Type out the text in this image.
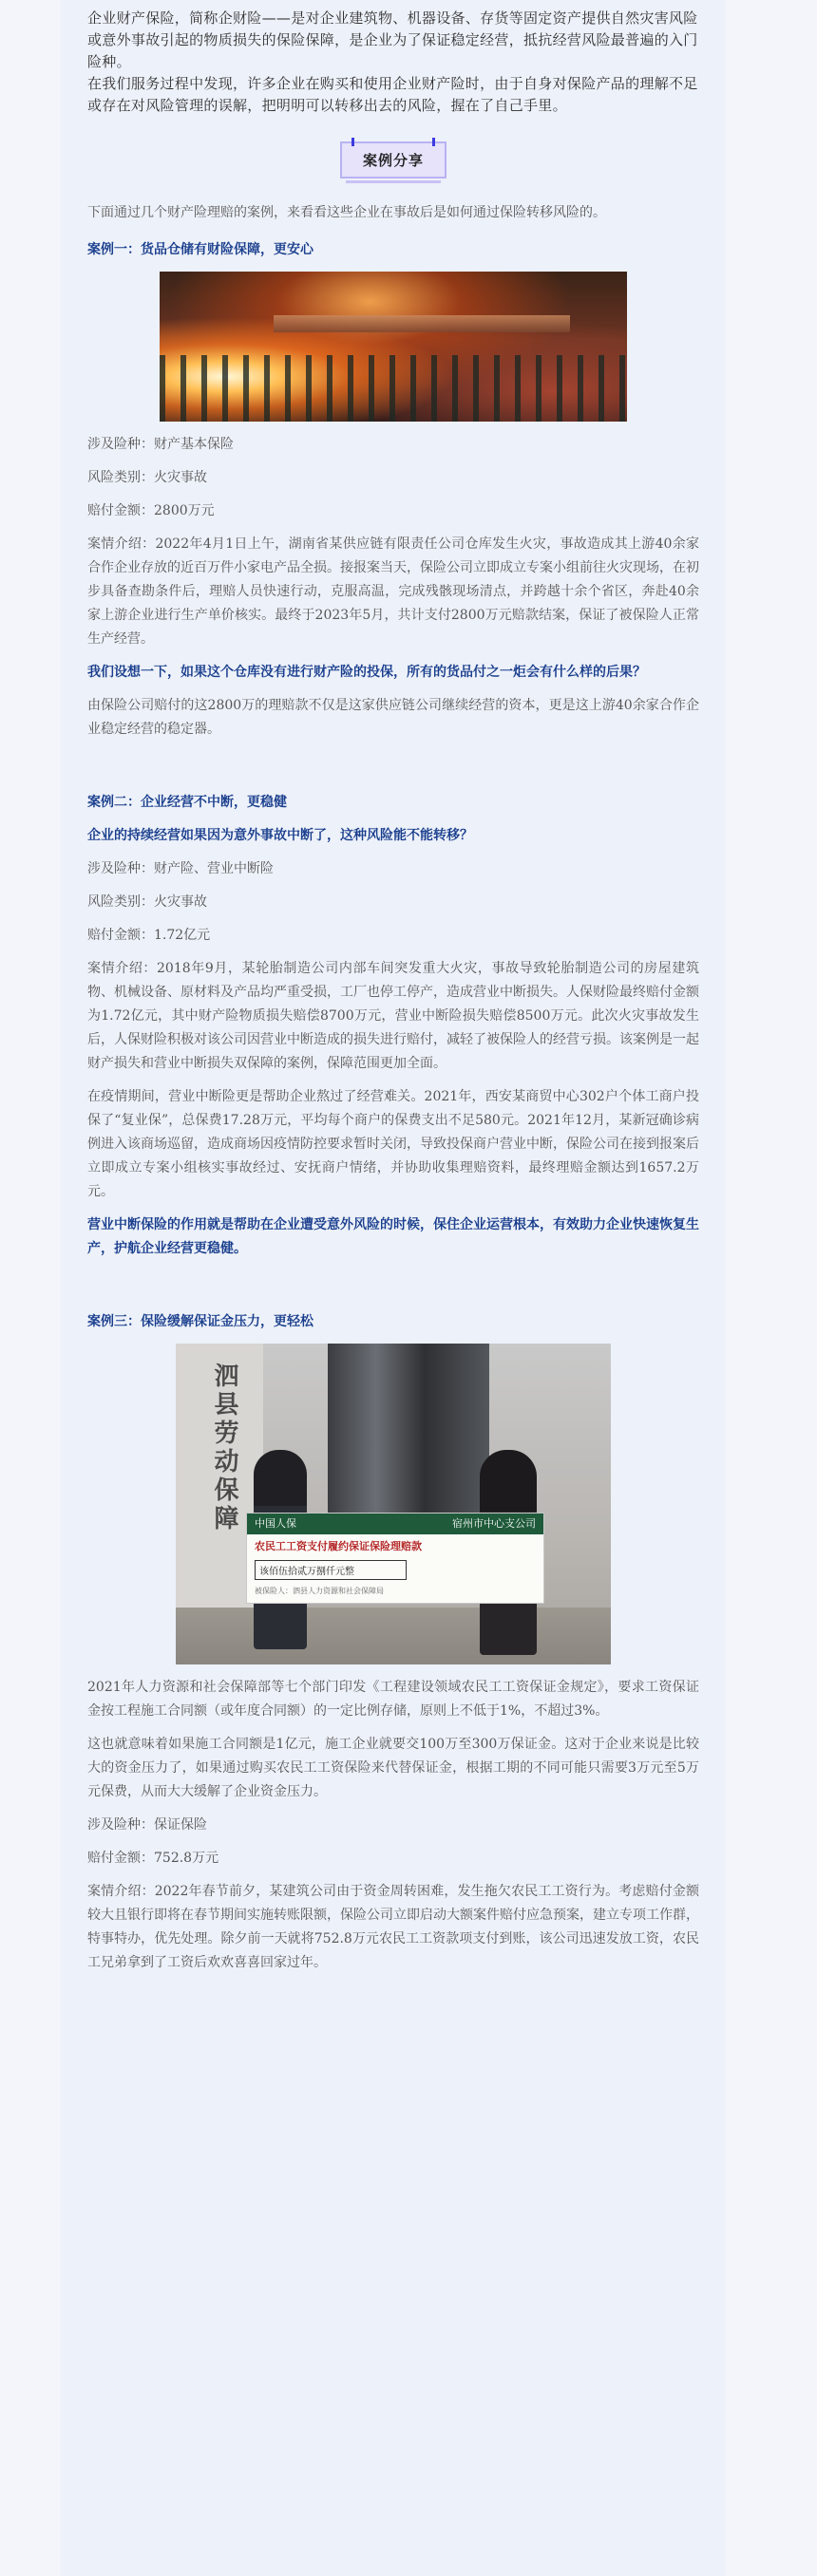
企业财产保险，简称企财险——是对企业建筑物、机器设备、存货等固定资产提供自然灾害风险或意外事故引起的物质损失的保险保障，是企业为了保证稳定经营，抵抗经营风险最普遍的入门险种。

在我们服务过程中发现，许多企业在购买和使用企业财产险时，由于自身对保险产品的理解不足或存在对风险管理的误解，把明明可以转移出去的风险，握在了自己手里。

案例分享

下面通过几个财产险理赔的案例，来看看这些企业在事故后是如何通过保险转移风险的。

案例一：货品仓储有财险保障，更安心

涉及险种：财产基本保险

风险类别：火灾事故

赔付金额：2800万元

案情介绍：2022年4月1日上午，湖南省某供应链有限责任公司仓库发生火灾，事故造成其上游40余家合作企业存放的近百万件小家电产品全损。接报案当天，保险公司立即成立专案小组前往火灾现场，在初步具备查勘条件后，理赔人员快速行动，克服高温，完成残骸现场清点，并跨越十余个省区，奔赴40余家上游企业进行生产单价核实。最终于2023年5月，共计支付2800万元赔款结案，保证了被保险人正常生产经营。

我们设想一下，如果这个仓库没有进行财产险的投保，所有的货品付之一炬会有什么样的后果？

由保险公司赔付的这2800万的理赔款不仅是这家供应链公司继续经营的资本，更是这上游40余家合作企业稳定经营的稳定器。

案例二：企业经营不中断，更稳健

企业的持续经营如果因为意外事故中断了，这种风险能不能转移？

涉及险种：财产险、营业中断险

风险类别：火灾事故

赔付金额：1.72亿元

案情介绍：2018年9月，某轮胎制造公司内部车间突发重大火灾，事故导致轮胎制造公司的房屋建筑物、机械设备、原材料及产品均严重受损，工厂也停工停产，造成营业中断损失。人保财险最终赔付金额为1.72亿元，其中财产险物质损失赔偿8700万元，营业中断险损失赔偿8500万元。此次火灾事故发生后，人保财险积极对该公司因营业中断造成的损失进行赔付，减轻了被保险人的经营亏损。该案例是一起财产损失和营业中断损失双保障的案例，保障范围更加全面。

在疫情期间，营业中断险更是帮助企业熬过了经营难关。2021年，西安某商贸中心302户个体工商户投保了“复业保”，总保费17.28万元，平均每个商户的保费支出不足580元。2021年12月，某新冠确诊病例进入该商场巡留，造成商场因疫情防控要求暂时关闭，导致投保商户营业中断，保险公司在接到报案后立即成立专案小组核实事故经过、安抚商户情绪，并协助收集理赔资料，最终理赔金额达到1657.2万元。

营业中断保险的作用就是帮助在企业遭受意外风险的时候，保住企业运营根本，有效助力企业快速恢复生产，护航企业经营更稳健。

案例三：保险缓解保证金压力，更轻松

泗县劳动保障	中国人保	宿州市中心支公司
农民工工资支付履约保证保险理赔款
该佰伍拾贰万捌仟元整
被保险人：泗县人力资源和社会保障局

2021年人力资源和社会保障部等七个部门印发《工程建设领域农民工工资保证金规定》，要求工资保证金按工程施工合同额（或年度合同额）的一定比例存储，原则上不低于1%，不超过3%。

这也就意味着如果施工合同额是1亿元，施工企业就要交100万至300万保证金。这对于企业来说是比较大的资金压力了，如果通过购买农民工工资保险来代替保证金，根据工期的不同可能只需要3万元至5万元保费，从而大大缓解了企业资金压力。

涉及险种：保证保险

赔付金额：752.8万元

案情介绍：2022年春节前夕，某建筑公司由于资金周转困难，发生拖欠农民工工资行为。考虑赔付金额较大且银行即将在春节期间实施转账限额，保险公司立即启动大额案件赔付应急预案，建立专项工作群，特事特办，优先处理。除夕前一天就将752.8万元农民工工资款项支付到账，该公司迅速发放工资，农民工兄弟拿到了工资后欢欢喜喜回家过年。
